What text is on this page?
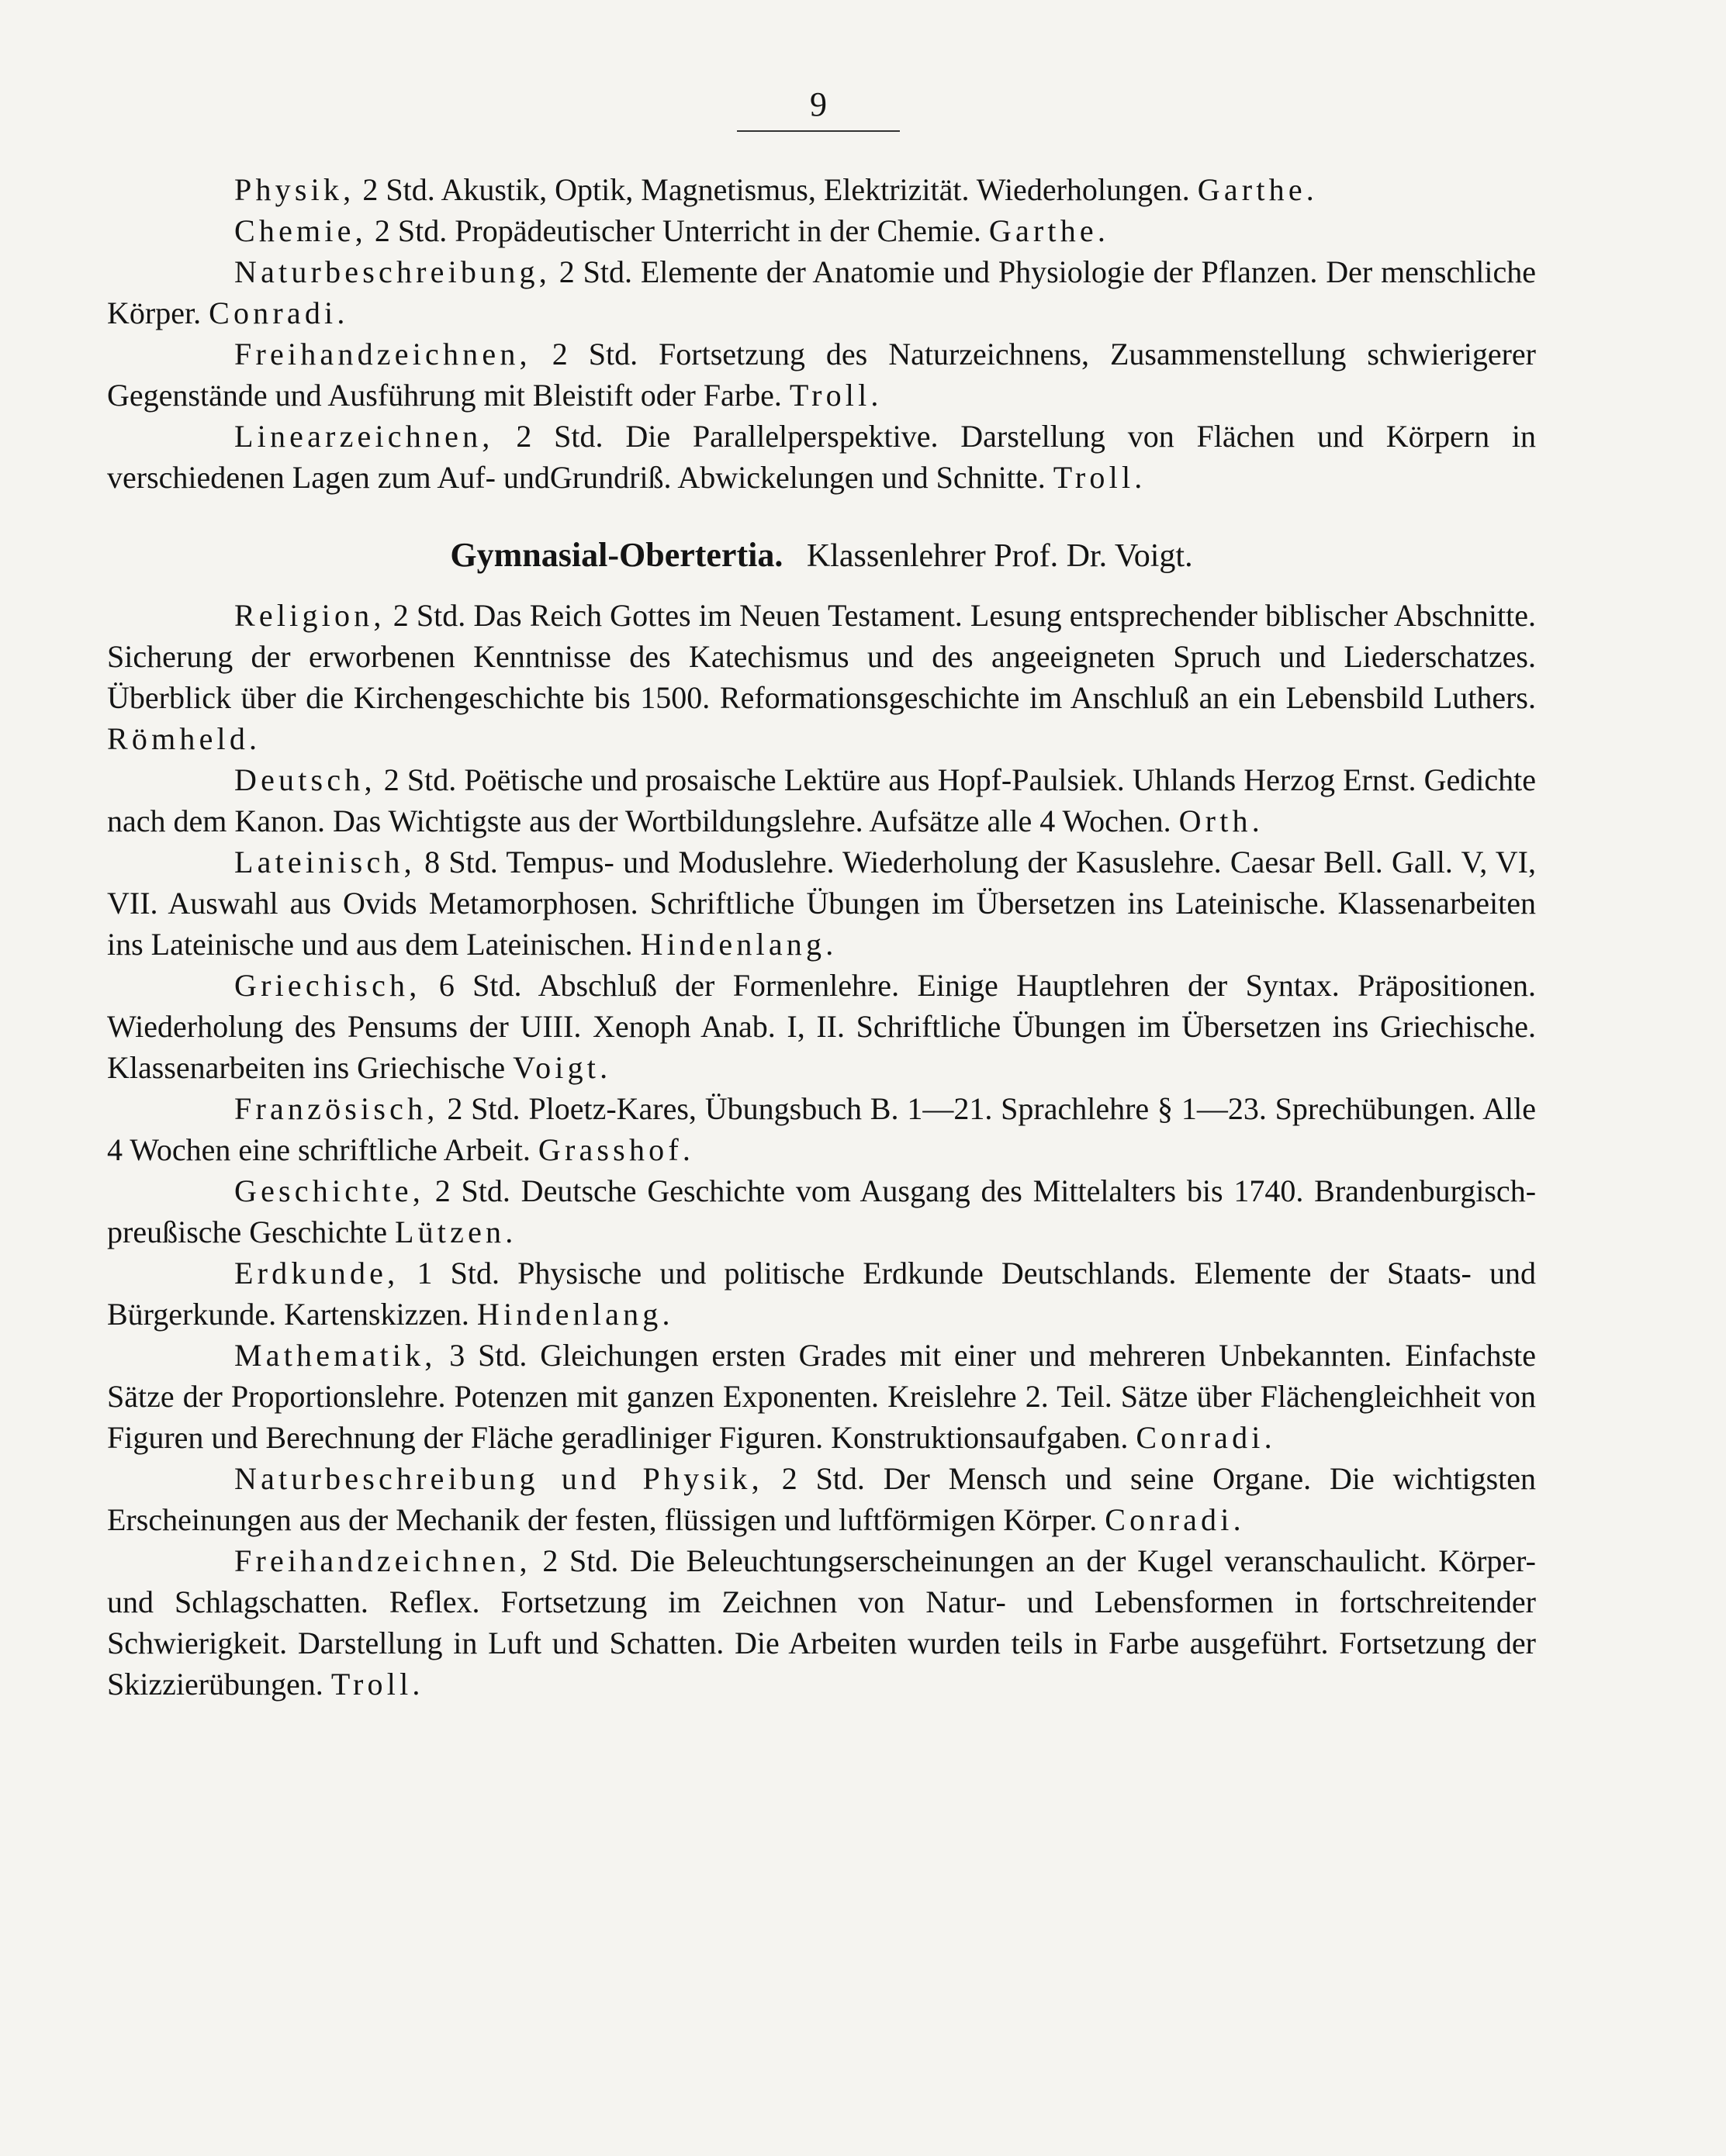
9

Physik, 2 Std. Akustik, Optik, Magnetismus, Elektrizität. Wiederholungen. Garthe.

Chemie, 2 Std. Propädeutischer Unterricht in der Chemie. Garthe.

Naturbeschreibung, 2 Std. Elemente der Anatomie und Physiologie der Pflanzen. Der menschliche Körper. Conradi.

Freihandzeichnen, 2 Std. Fortsetzung des Naturzeichnens, Zusammenstellung schwierigerer Gegenstände und Ausführung mit Bleistift oder Farbe. Troll.

Linearzeichnen, 2 Std. Die Parallelperspektive. Darstellung von Flächen und Körpern in verschiedenen Lagen zum Auf- undGrundriß. Abwickelungen und Schnitte. Troll.

Gymnasial-Obertertia. Klassenlehrer Prof. Dr. Voigt.

Religion, 2 Std. Das Reich Gottes im Neuen Testament. Lesung entsprechender biblischer Abschnitte. Sicherung der erworbenen Kenntnisse des Katechismus und des angeeigneten Spruch und Liederschatzes. Überblick über die Kirchengeschichte bis 1500. Reformationsgeschichte im Anschluß an ein Lebensbild Luthers. Römheld.

Deutsch, 2 Std. Poëtische und prosaische Lektüre aus Hopf-Paulsiek. Uhlands Herzog Ernst. Gedichte nach dem Kanon. Das Wichtigste aus der Wortbildungslehre. Aufsätze alle 4 Wochen. Orth.

Lateinisch, 8 Std. Tempus- und Moduslehre. Wiederholung der Kasuslehre. Caesar Bell. Gall. V, VI, VII. Auswahl aus Ovids Metamorphosen. Schriftliche Übungen im Übersetzen ins Lateinische. Klassenarbeiten ins Lateinische und aus dem Lateinischen. Hindenlang.

Griechisch, 6 Std. Abschluß der Formenlehre. Einige Hauptlehren der Syntax. Präpositionen. Wiederholung des Pensums der UIII. Xenoph Anab. I, II. Schriftliche Übungen im Übersetzen ins Griechische. Klassenarbeiten ins Griechische Voigt.

Französisch, 2 Std. Ploetz-Kares, Übungsbuch B. 1—21. Sprachlehre § 1—23. Sprechübungen. Alle 4 Wochen eine schriftliche Arbeit. Grasshof.

Geschichte, 2 Std. Deutsche Geschichte vom Ausgang des Mittelalters bis 1740. Brandenburgisch-preußische Geschichte Lützen.

Erdkunde, 1 Std. Physische und politische Erdkunde Deutschlands. Elemente der Staats- und Bürgerkunde. Kartenskizzen. Hindenlang.

Mathematik, 3 Std. Gleichungen ersten Grades mit einer und mehreren Unbekannten. Einfachste Sätze der Proportionslehre. Potenzen mit ganzen Exponenten. Kreislehre 2. Teil. Sätze über Flächengleichheit von Figuren und Berechnung der Fläche geradliniger Figuren. Konstruktionsaufgaben. Conradi.

Naturbeschreibung und Physik, 2 Std. Der Mensch und seine Organe. Die wichtigsten Erscheinungen aus der Mechanik der festen, flüssigen und luftförmigen Körper. Conradi.

Freihandzeichnen, 2 Std. Die Beleuchtungserscheinungen an der Kugel veranschaulicht. Körper- und Schlagschatten. Reflex. Fortsetzung im Zeichnen von Natur- und Lebensformen in fortschreitender Schwierigkeit. Darstellung in Luft und Schatten. Die Arbeiten wurden teils in Farbe ausgeführt. Fortsetzung der Skizzierübungen. Troll.
